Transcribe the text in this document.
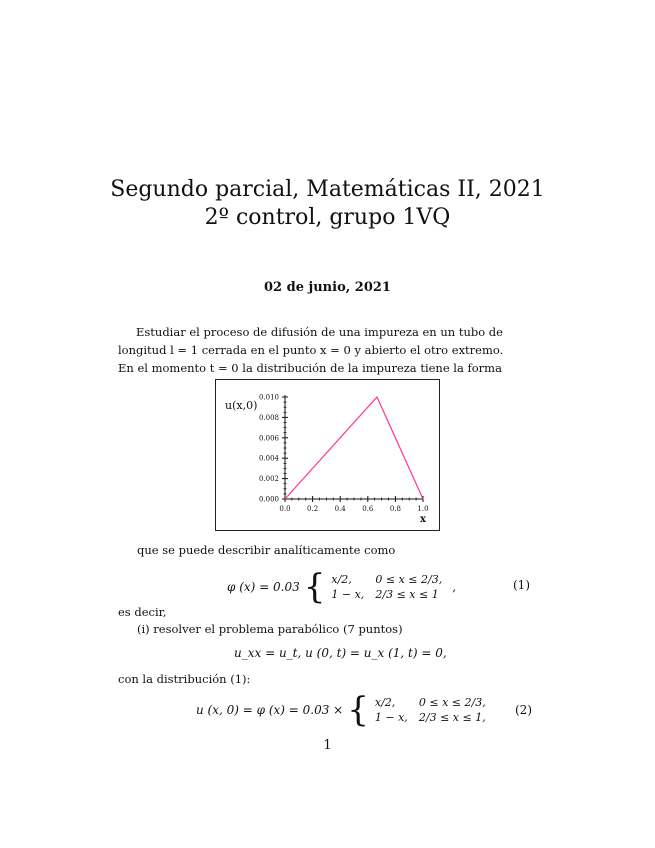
Segundo parcial, Matemáticas II, 2021
2º control, grupo 1VQ
02 de junio, 2021
Estudiar el proceso de difusión de una impureza en un tubo de
longitud l = 1 cerrada en el punto x = 0 y abierto el otro extremo.
En el momento t = 0 la distribución de la impureza tiene la forma
0.000
0.002
0.004
0.006
0.008
0.010
0.0 0.2 0.4 0.6 0.8 1.0
u(x,0)
x
que se puede describir analíticamente como
φ (x) = 0.03 { x/2, 0 ≤ x ≤ 2/3,
1 − x, 2/3 ≤ x ≤ 1
,	(1)
es decir,
(i) resolver el problema parabólico (7 puntos)
u_xx = u_t, u (0, t) = u_x (1, t) = 0,
con la distribución (1):
u (x, 0) = φ (x) = 0.03 × { x/2, 0 ≤ x ≤ 2/3,
1 − x, 2/3 ≤ x ≤ 1,
(2)
1
